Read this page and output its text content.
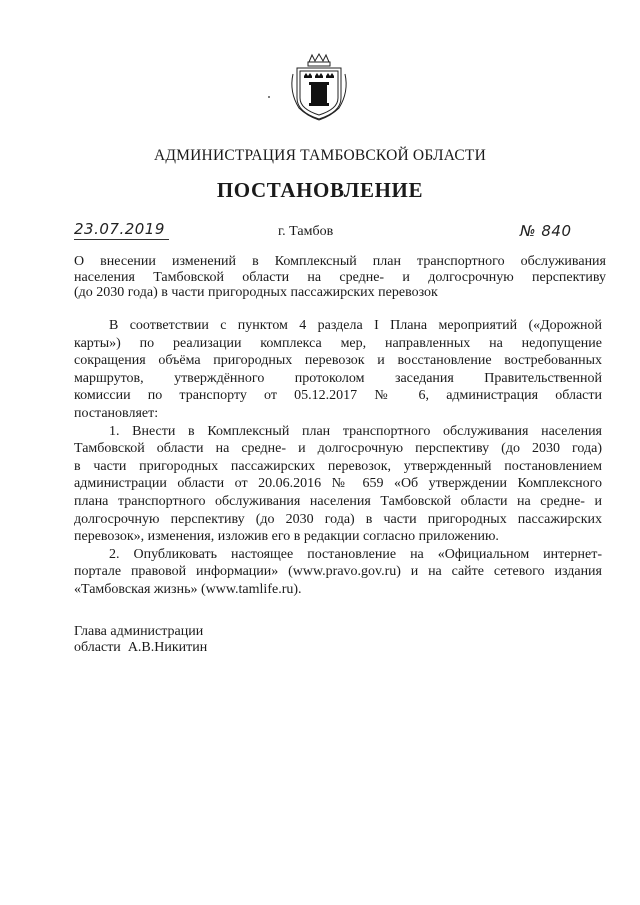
АДМИНИСТРАЦИЯ ТАМБОВСКОЙ ОБЛАСТИ
ПОСТАНОВЛЕНИЕ
23.07.2019	г. Тамбов	№ 840
О внесении изменений в Комплексный план транспортного обслуживания
населения Тамбовской области на средне- и долгосрочную перспективу
(до 2030 года) в части пригородных пассажирских перевозок
В соответствии с пунктом 4 раздела I Плана мероприятий («Дорожной
карты») по реализации комплекса мер, направленных на недопущение
сокращения объёма пригородных перевозок и восстановление востребованных
маршрутов, утверждённого протоколом заседания Правительственной
комиссии по транспорту от 05.12.2017 № 6, администрация области
постановляет:
1. Внести в Комплексный план транспортного обслуживания населения
Тамбовской области на средне- и долгосрочную перспективу (до 2030 года)
в части пригородных пассажирских перевозок, утвержденный постановлением
администрации области от 20.06.2016 № 659 «Об утверждении Комплексного
плана транспортного обслуживания населения Тамбовской области на средне- и
долгосрочную перспективу (до 2030 года) в части пригородных пассажирских
перевозок», изменения, изложив его в редакции согласно приложению.
2. Опубликовать настоящее постановление на «Официальном интернет-
портале правовой информации» (www.pravo.gov.ru) и на сайте сетевого издания
«Тамбовская жизнь» (www.tamlife.ru).
Глава администрации
области А.В.Никитин
